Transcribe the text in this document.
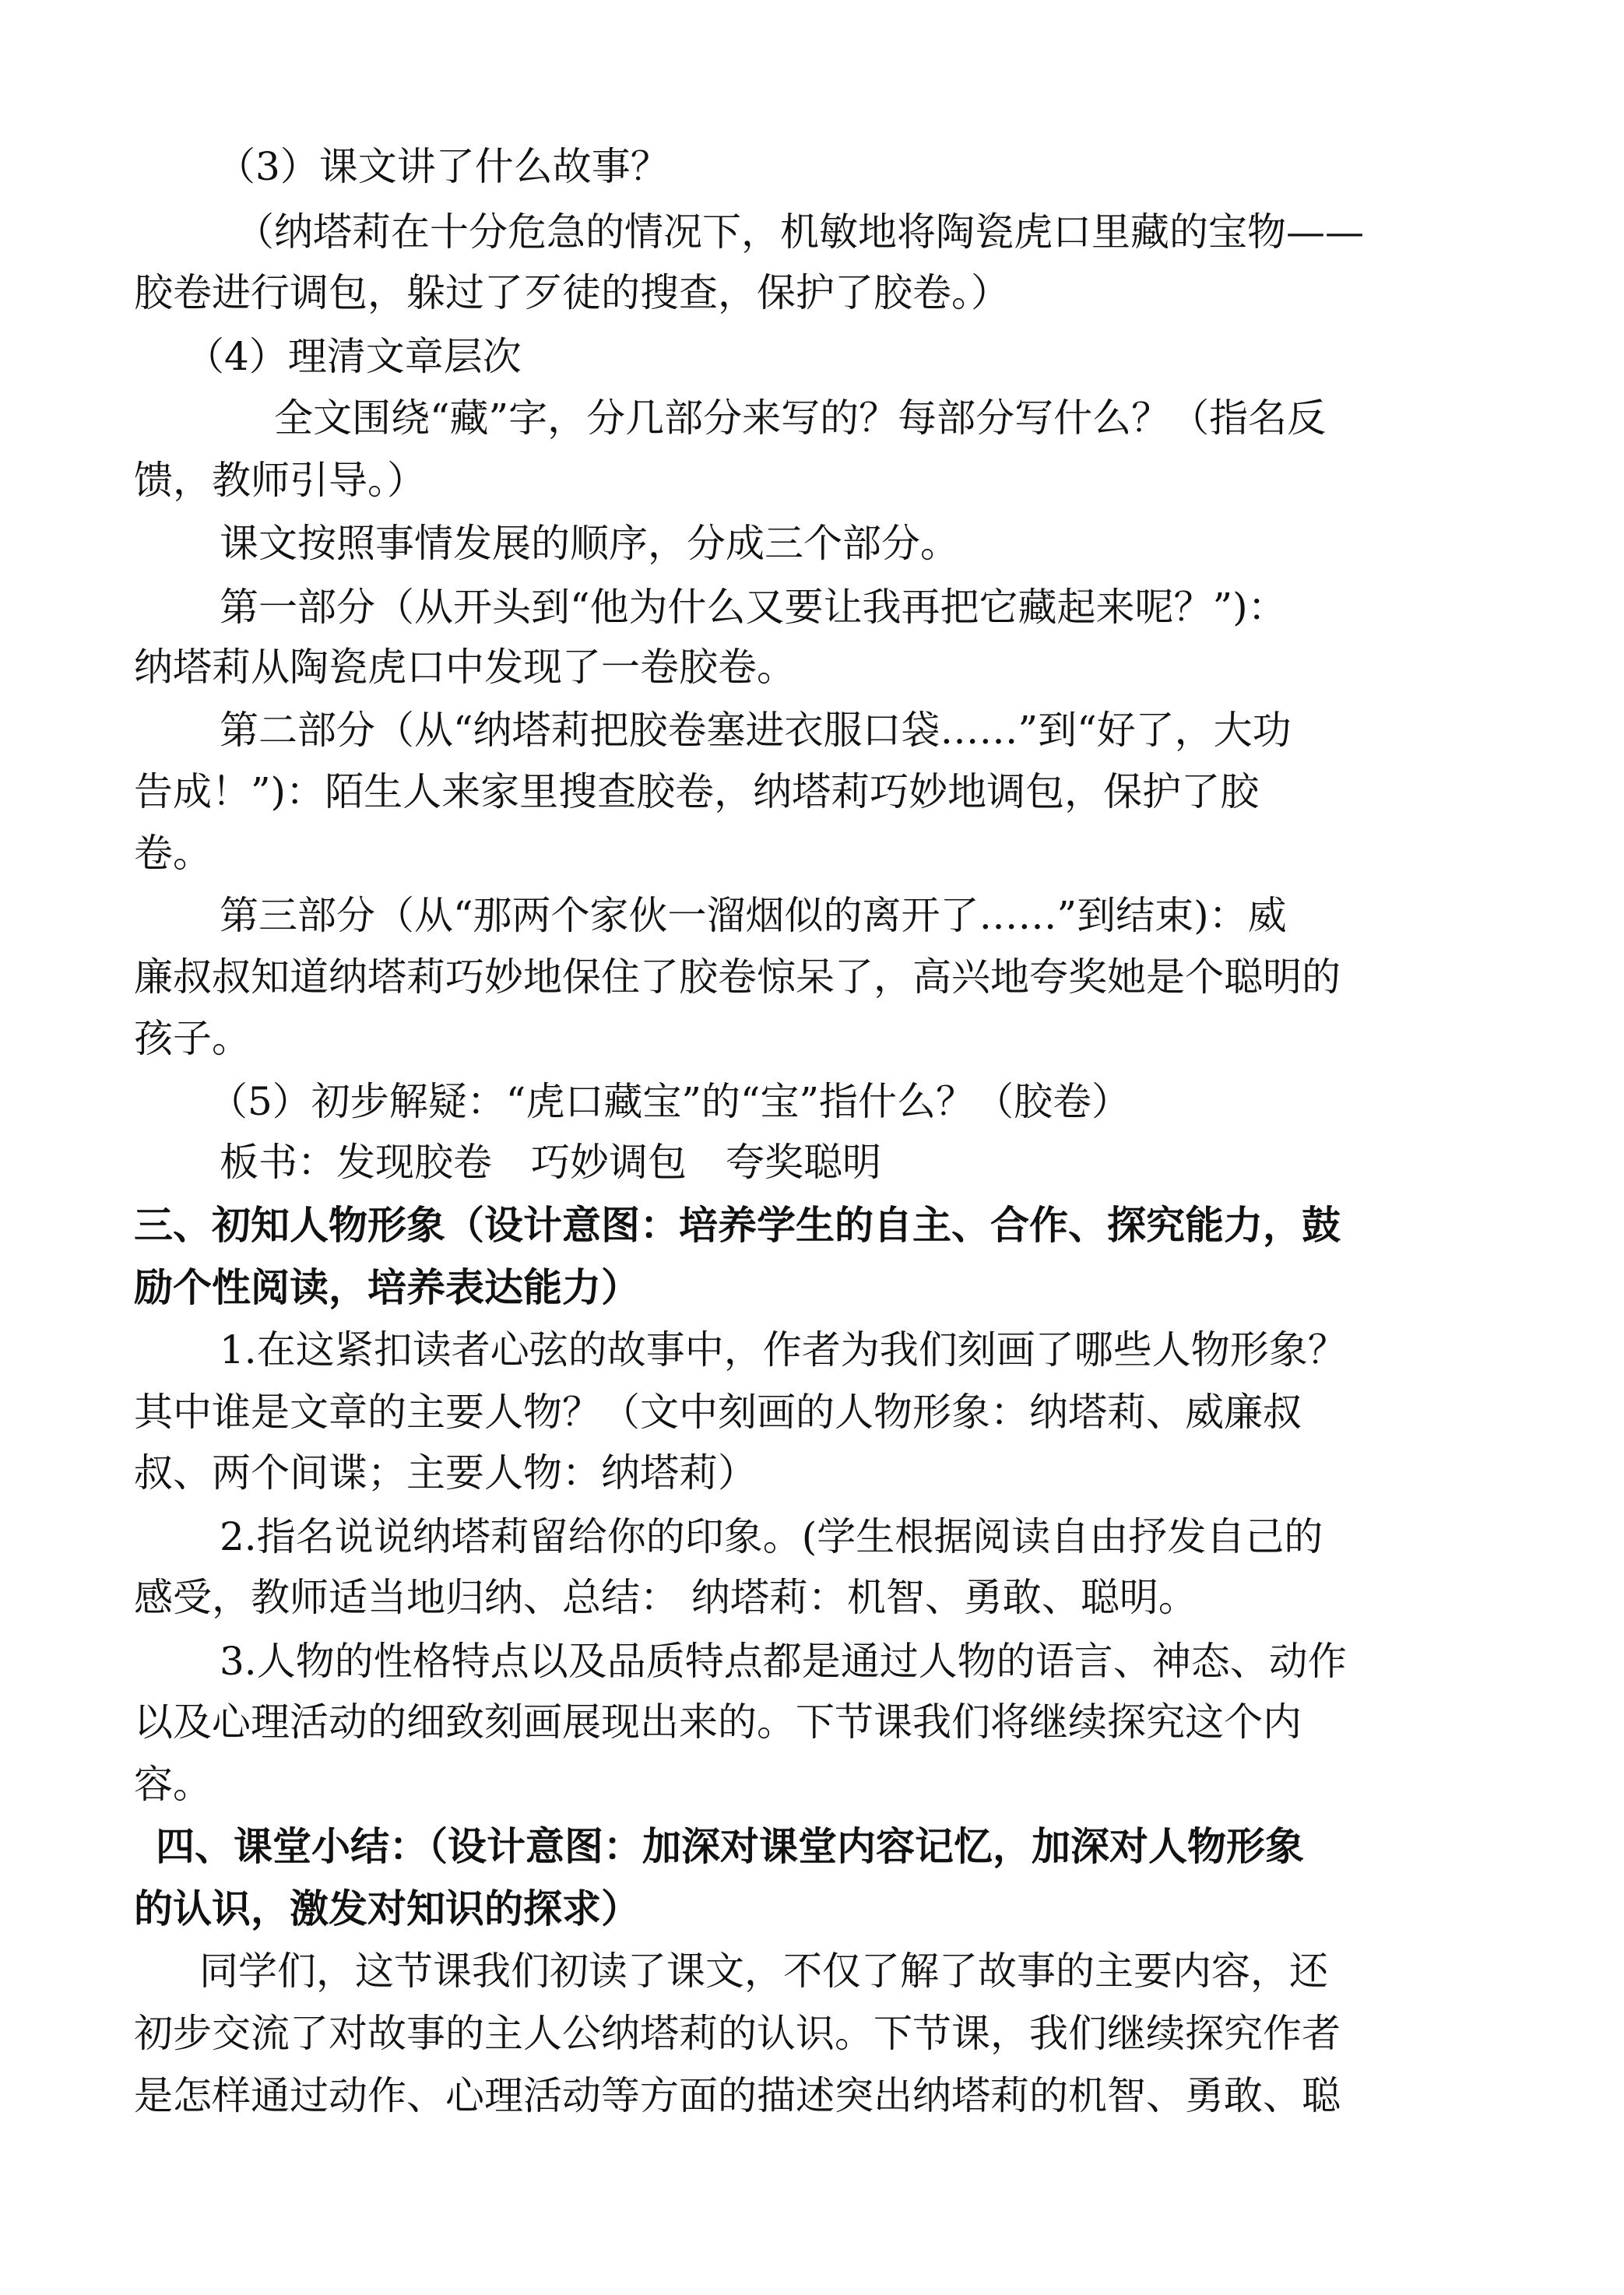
（3）课文讲了什么故事？
（纳塔莉在十分危急的情况下，机敏地将陶瓷虎口里藏的宝物——
胶卷进行调包，躲过了歹徒的搜查，保护了胶卷。）
（4）理清文章层次
全文围绕“藏”字，分几部分来写的？每部分写什么？（指名反
馈，教师引导。）
课文按照事情发展的顺序，分成三个部分。
第一部分（从开头到“他为什么又要让我再把它藏起来呢？”)：
纳塔莉从陶瓷虎口中发现了一卷胶卷。
第二部分（从“纳塔莉把胶卷塞进衣服口袋……”到“好了，大功
告成！”)：陌生人来家里搜查胶卷，纳塔莉巧妙地调包，保护了胶
卷。
第三部分（从“那两个家伙一溜烟似的离开了……”到结束)：威
廉叔叔知道纳塔莉巧妙地保住了胶卷惊呆了，高兴地夸奖她是个聪明的
孩子。
（5）初步解疑：“虎口藏宝”的“宝”指什么？（胶卷）
板书：发现胶卷　巧妙调包　夸奖聪明
三、初知人物形象（设计意图：培养学生的自主、合作、探究能力，鼓
励个性阅读，培养表达能力）
1.在这紧扣读者心弦的故事中，作者为我们刻画了哪些人物形象？
其中谁是文章的主要人物？（文中刻画的人物形象：纳塔莉、威廉叔
叔、两个间谍；主要人物：纳塔莉）
2.指名说说纳塔莉留给你的印象。(学生根据阅读自由抒发自己的
感受，教师适当地归纳、总结： 纳塔莉：机智、勇敢、聪明。
3.人物的性格特点以及品质特点都是通过人物的语言、神态、动作
以及心理活动的细致刻画展现出来的。下节课我们将继续探究这个内
容。
四、课堂小结：（设计意图：加深对课堂内容记忆，加深对人物形象
的认识，激发对知识的探求）
同学们，这节课我们初读了课文，不仅了解了故事的主要内容，还
初步交流了对故事的主人公纳塔莉的认识。下节课，我们继续探究作者
是怎样通过动作、心理活动等方面的描述突出纳塔莉的机智、勇敢、聪
